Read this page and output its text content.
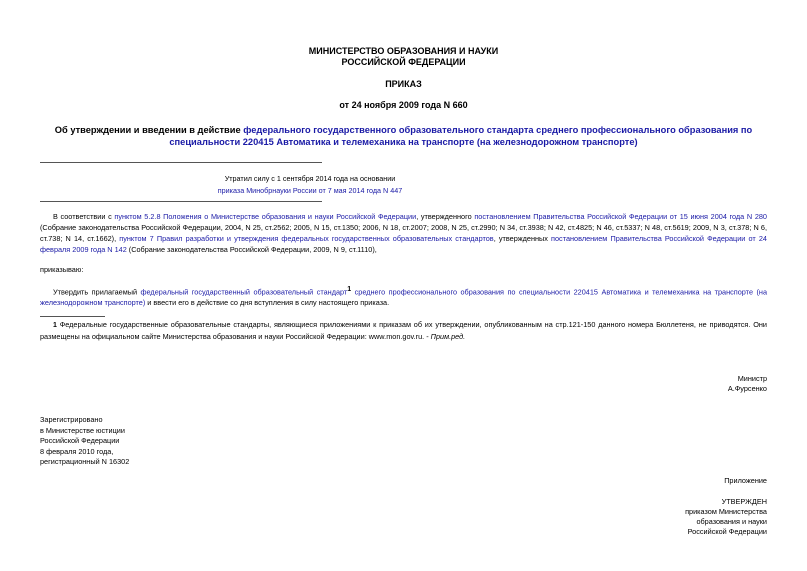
МИНИСТЕРСТВО ОБРАЗОВАНИЯ И НАУКИ
РОССИЙСКОЙ ФЕДЕРАЦИИ
ПРИКАЗ
от 24 ноября 2009 года N 660
Об утверждении и введении в действие федерального государственного образовательного стандарта среднего профессионального образования по специальности 220415 Автоматика и телемеханика на транспорте (на железнодорожном транспорте)
Утратил силу с 1 сентября 2014 года на основании
приказа Минобрнауки России от 7 мая 2014 года N 447
В соответствии с пунктом 5.2.8 Положения о Министерстве образования и науки Российской Федерации, утвержденного постановлением Правительства Российской Федерации от 15 июня 2004 года N 280 (Собрание законодательства Российской Федерации, 2004, N 25, ст.2562; 2005, N 15, ст.1350; 2006, N 18, ст.2007; 2008, N 25, ст.2990; N 34, ст.3938; N 42, ст.4825; N 46, ст.5337; N 48, ст.5619; 2009, N 3, ст.378; N 6, ст.738; N 14, ст.1662), пунктом 7 Правил разработки и утверждения федеральных государственных образовательных стандартов, утвержденных постановлением Правительства Российской Федерации от 24 февраля 2009 года N 142 (Собрание законодательства Российской Федерации, 2009, N 9, ст.1110),
приказываю:
Утвердить прилагаемый федеральный государственный образовательный стандарт$^1$ среднего профессионального образования по специальности 220415 Автоматика и телемеханика на транспорте (на железнодорожном транспорте) и ввести его в действие со дня вступления в силу настоящего приказа.
1 Федеральные государственные образовательные стандарты, являющиеся приложениями к приказам об их утверждении, опубликованным на стр.121-150 данного номера Бюллетеня, не приводятся. Они размещены на официальном сайте Министерства образования и науки Российской Федерации: www.mon.gov.ru. - Прим.ред.
Министр
А.Фурсенко
Зарегистрировано
в Министерстве юстиции
Российской Федерации
8 февраля 2010 года,
регистрационный N 16302
Приложение
УТВЕРЖДЕН
приказом Министерства
образования и науки
Российской Федерации
